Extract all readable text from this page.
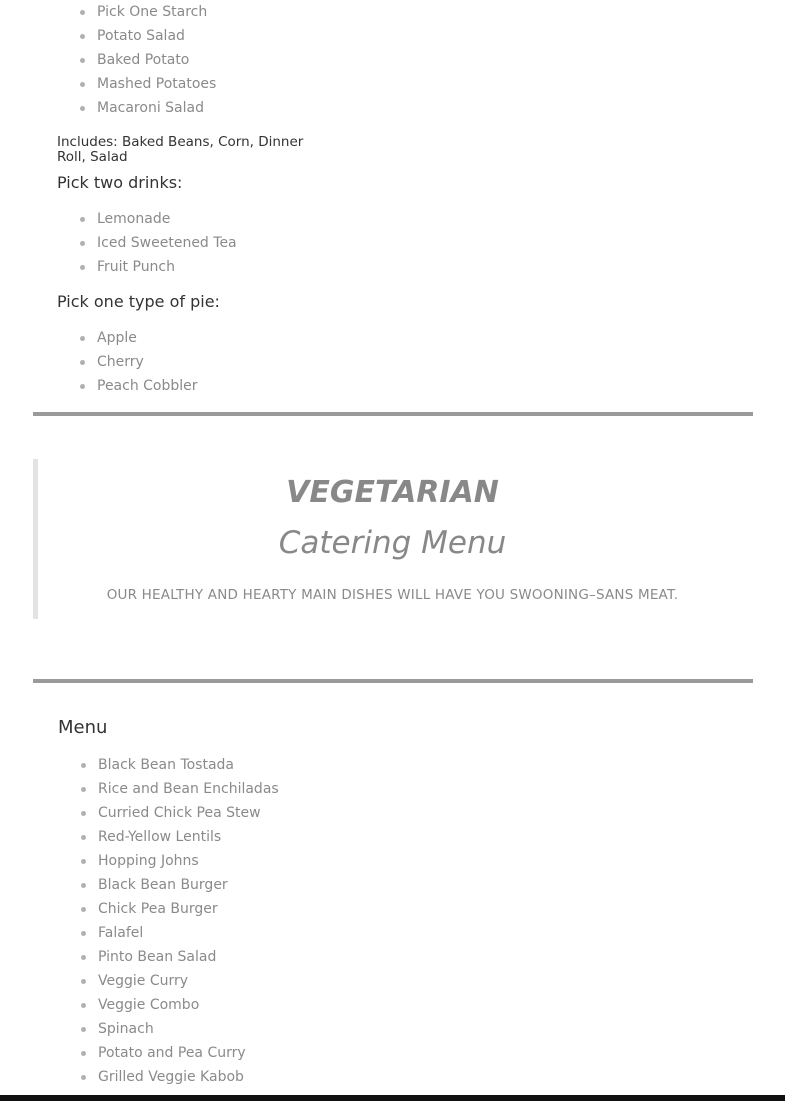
Pick One Starch
Potato Salad
Baked Potato
Mashed Potatoes
Macaroni Salad
Includes: Baked Beans, Corn, Dinner Roll, Salad
Pick two drinks:
Lemonade
Iced Sweetened Tea
Fruit Punch
Pick one type of pie:
Apple
Cherry
Peach Cobbler
VEGETARIAN
Catering Menu
OUR HEALTHY AND HEARTY MAIN DISHES WILL HAVE YOU SWOONING–SANS MEAT.
Menu
Black Bean Tostada
Rice and Bean Enchiladas
Curried Chick Pea Stew
Red-Yellow Lentils
Hopping Johns
Black Bean Burger
Chick Pea Burger
Falafel
Pinto Bean Salad
Veggie Curry
Veggie Combo
Spinach
Potato and Pea Curry
Grilled Veggie Kabob
